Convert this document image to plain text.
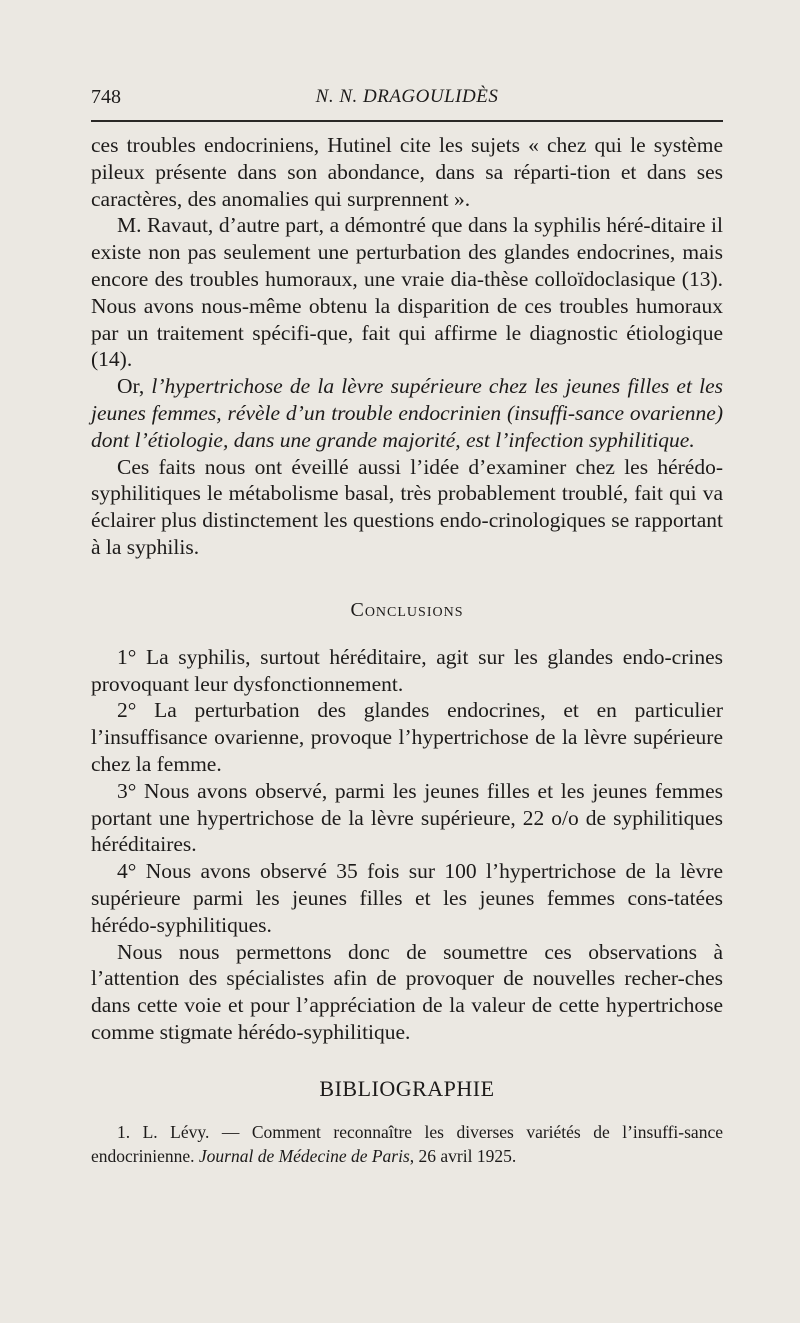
748	N. N. DRAGOULIDÈS

ces troubles endocriniens, Hutinel cite les sujets « chez qui le système pileux présente dans son abondance, dans sa réparti-tion et dans ses caractères, des anomalies qui surprennent ».

M. Ravaut, d’autre part, a démontré que dans la syphilis héré-ditaire il existe non pas seulement une perturbation des glandes endocrines, mais encore des troubles humoraux, une vraie dia-thèse colloïdoclasique (13). Nous avons nous-même obtenu la disparition de ces troubles humoraux par un traitement spécifi-que, fait qui affirme le diagnostic étiologique (14).

Or, l’hypertrichose de la lèvre supérieure chez les jeunes filles et les jeunes femmes, révèle d’un trouble endocrinien (insuffi-sance ovarienne) dont l’étiologie, dans une grande majorité, est l’infection syphilitique.

Ces faits nous ont éveillé aussi l’idée d’examiner chez les hérédo-syphilitiques le métabolisme basal, très probablement troublé, fait qui va éclairer plus distinctement les questions endo-crinologiques se rapportant à la syphilis.

Conclusions

1° La syphilis, surtout héréditaire, agit sur les glandes endo-crines provoquant leur dysfonctionnement.

2° La perturbation des glandes endocrines, et en particulier l’insuffisance ovarienne, provoque l’hypertrichose de la lèvre supérieure chez la femme.

3° Nous avons observé, parmi les jeunes filles et les jeunes femmes portant une hypertrichose de la lèvre supérieure, 22 o/o de syphilitiques héréditaires.

4° Nous avons observé 35 fois sur 100 l’hypertrichose de la lèvre supérieure parmi les jeunes filles et les jeunes femmes cons-tatées hérédo-syphilitiques.

Nous nous permettons donc de soumettre ces observations à l’attention des spécialistes afin de provoquer de nouvelles recher-ches dans cette voie et pour l’appréciation de la valeur de cette hypertrichose comme stigmate hérédo-syphilitique.

BIBLIOGRAPHIE

1. L. Lévy. — Comment reconnaître les diverses variétés de l’insuffi-sance endocrinienne. Journal de Médecine de Paris, 26 avril 1925.
